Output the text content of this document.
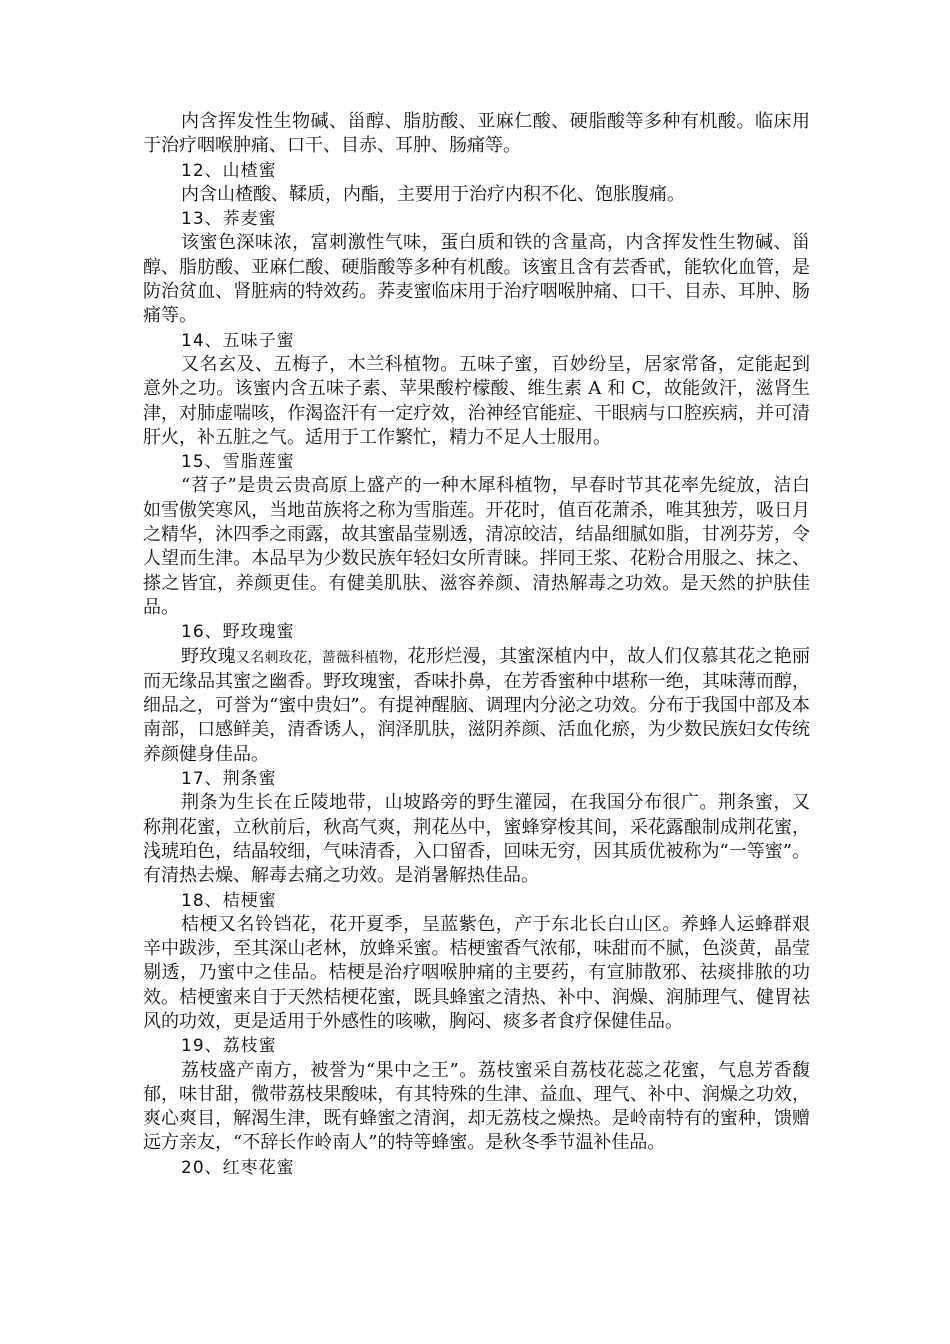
内含挥发性生物碱、甾醇、脂肪酸、亚麻仁酸、硬脂酸等多种有机酸。临床用于治疗咽喉肿痛、口干、目赤、耳肿、肠痛等。

12、山楂蜜

内含山楂酸、鞣质，内酯，主要用于治疗内积不化、饱胀腹痛。

13、荞麦蜜

该蜜色深味浓，富刺激性气味，蛋白质和铁的含量高，内含挥发性生物碱、甾醇、脂肪酸、亚麻仁酸、硬脂酸等多种有机酸。该蜜且含有芸香甙，能软化血管，是防治贫血、肾脏病的特效药。荞麦蜜临床用于治疗咽喉肿痛、口干、目赤、耳肿、肠痛等。

14、五味子蜜

又名玄及、五梅子，木兰科植物。五味子蜜，百妙纷呈，居家常备，定能起到意外之功。该蜜内含五味子素、苹果酸柠檬酸、维生素 A 和 C，故能敛汗，滋肾生津，对肺虚喘咳，作渴盗汗有一定疗效，治神经官能症、干眼病与口腔疾病，并可清肝火，补五脏之气。适用于工作繁忙，精力不足人士服用。

15、雪脂莲蜜

“苕子”是贵云贵高原上盛产的一种木犀科植物，早春时节其花率先绽放，洁白如雪傲笑寒风，当地苗族将之称为雪脂莲。开花时，值百花萧杀，唯其独芳，吸日月之精华，沐四季之雨露，故其蜜晶莹剔透，清凉皎洁，结晶细腻如脂，甘冽芬芳，令人望而生津。本品早为少数民族年轻妇女所青睐。拌同王浆、花粉合用服之、抹之、搽之皆宜，养颜更佳。有健美肌肤、滋容养颜、清热解毒之功效。是天然的护肤佳品。

16、野玫瑰蜜

野玫瑰又名刺玫花，蔷薇科植物，花形烂漫，其蜜深植内中，故人们仅慕其花之艳丽而无缘品其蜜之幽香。野玫瑰蜜，香味扑鼻，在芳香蜜种中堪称一绝，其味薄而醇，细品之，可誉为“蜜中贵妇”。有提神醒脑、调理内分泌之功效。分布于我国中部及本南部，口感鲜美，清香诱人，润泽肌肤，滋阴养颜、活血化瘀，为少数民族妇女传统养颜健身佳品。

17、荆条蜜

荆条为生长在丘陵地带，山坡路旁的野生灌园，在我国分布很广。荆条蜜，又称荆花蜜，立秋前后，秋高气爽，荆花丛中，蜜蜂穿梭其间，采花露酿制成荆花蜜，浅琥珀色，结晶较细，气味清香，入口留香，回味无穷，因其质优被称为“一等蜜”。有清热去燥、解毒去痛之功效。是消暑解热佳品。

18、桔梗蜜

桔梗又名铃铛花，花开夏季，呈蓝紫色，产于东北长白山区。养蜂人运蜂群艰辛中跋涉，至其深山老林，放蜂采蜜。桔梗蜜香气浓郁，味甜而不腻，色淡黄，晶莹剔透，乃蜜中之佳品。桔梗是治疗咽喉肿痛的主要药，有宣肺散邪、祛痰排脓的功效。桔梗蜜来自于天然桔梗花蜜，既具蜂蜜之清热、补中、润燥、润肺理气、健胃祛风的功效，更是适用于外感性的咳嗽，胸闷、痰多者食疗保健佳品。

19、荔枝蜜

荔枝盛产南方，被誉为“果中之王”。荔枝蜜采自荔枝花蕊之花蜜，气息芳香馥郁，味甘甜，微带荔枝果酸味，有其特殊的生津、益血、理气、补中、润燥之功效，爽心爽目，解渴生津，既有蜂蜜之清润，却无荔枝之燥热。是岭南特有的蜜种，馈赠远方亲友，“不辞长作岭南人”的特等蜂蜜。是秋冬季节温补佳品。

20、红枣花蜜
